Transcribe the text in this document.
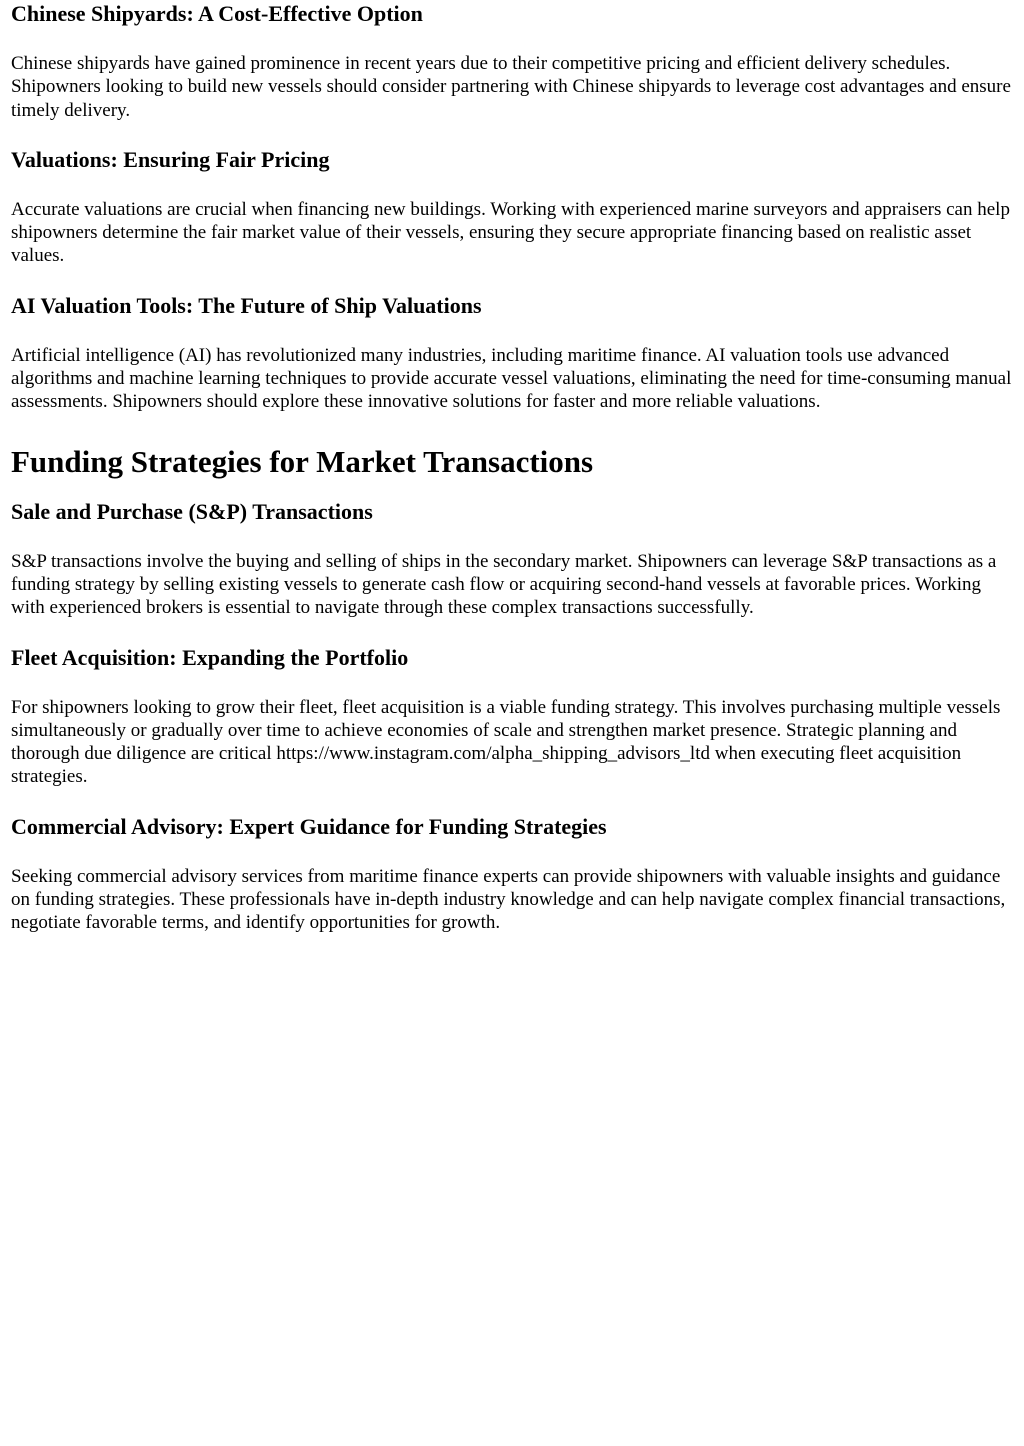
Chinese Shipyards: A Cost-Effective Option

Chinese shipyards have gained prominence in recent years due to their competitive pricing and efficient delivery schedules. Shipowners looking to build new vessels should consider partnering with Chinese shipyards to leverage cost advantages and ensure timely delivery.

Valuations: Ensuring Fair Pricing

Accurate valuations are crucial when financing new buildings. Working with experienced marine surveyors and appraisers can help shipowners determine the fair market value of their vessels, ensuring they secure appropriate financing based on realistic asset values.

AI Valuation Tools: The Future of Ship Valuations

Artificial intelligence (AI) has revolutionized many industries, including maritime finance. AI valuation tools use advanced algorithms and machine learning techniques to provide accurate vessel valuations, eliminating the need for time-consuming manual assessments. Shipowners should explore these innovative solutions for faster and more reliable valuations.

Funding Strategies for Market Transactions
Sale and Purchase (S&P) Transactions

S&P transactions involve the buying and selling of ships in the secondary market. Shipowners can leverage S&P transactions as a funding strategy by selling existing vessels to generate cash flow or acquiring second-hand vessels at favorable prices. Working with experienced brokers is essential to navigate through these complex transactions successfully.

Fleet Acquisition: Expanding the Portfolio

For shipowners looking to grow their fleet, fleet acquisition is a viable funding strategy. This involves purchasing multiple vessels simultaneously or gradually over time to achieve economies of scale and strengthen market presence. Strategic planning and thorough due diligence are critical https://www.instagram.com/alpha_shipping_advisors_ltd when executing fleet acquisition strategies.

Commercial Advisory: Expert Guidance for Funding Strategies

Seeking commercial advisory services from maritime finance experts can provide shipowners with valuable insights and guidance on funding strategies. These professionals have in-depth industry knowledge and can help navigate complex financial transactions, negotiate favorable terms, and identify opportunities for growth.
